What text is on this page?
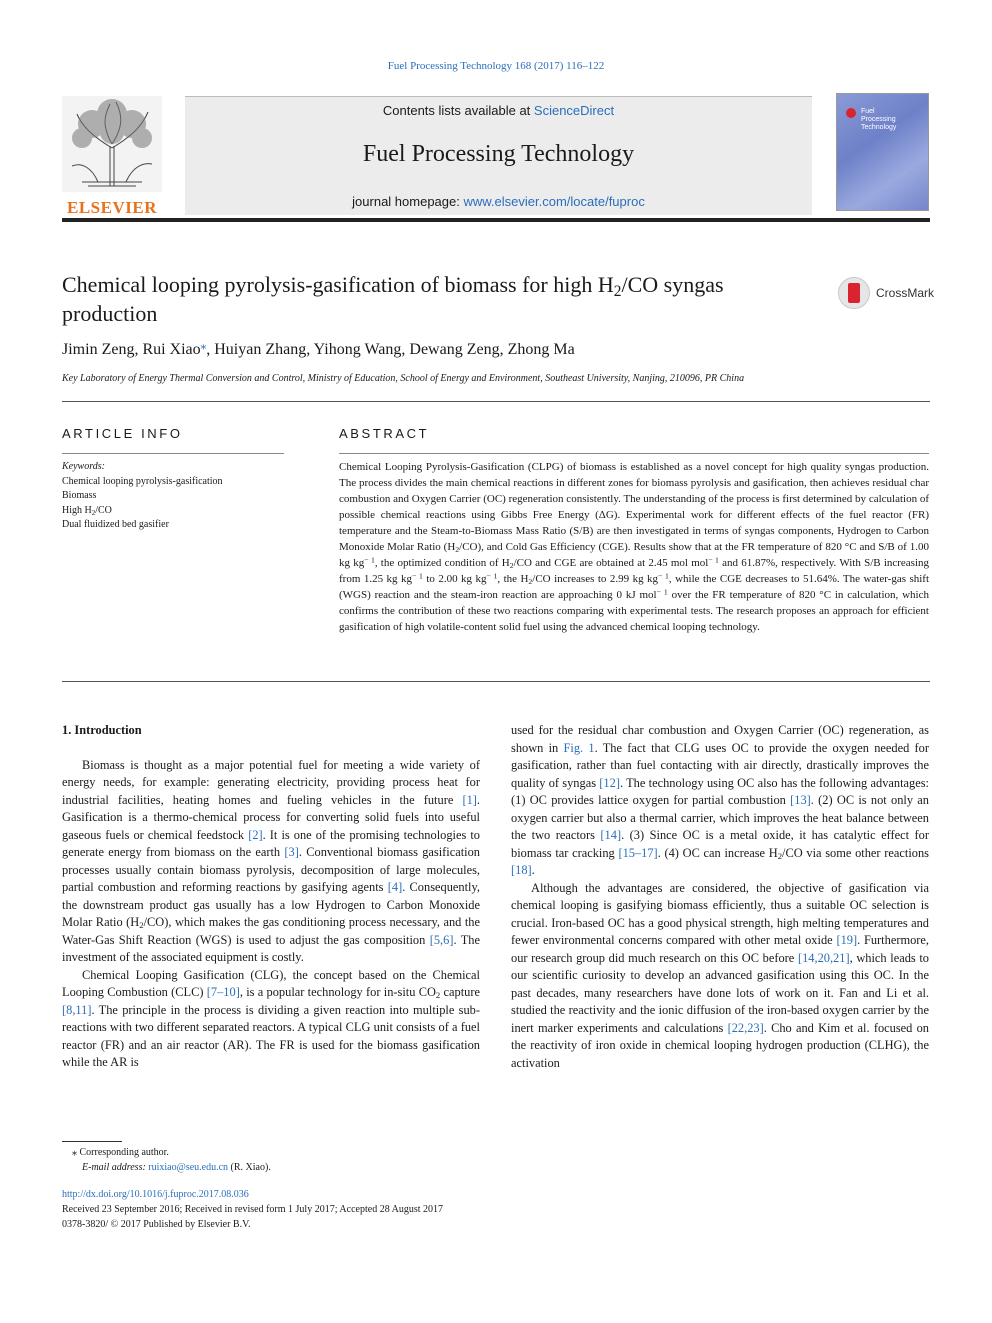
Fuel Processing Technology 168 (2017) 116–122
ELSEVIER
Contents lists available at ScienceDirect
Fuel Processing Technology
journal homepage: www.elsevier.com/locate/fuproc
Fuel
Processing
Technology
Chemical looping pyrolysis-gasification of biomass for high $H_2/CO$ syngas production
CrossMark
Jimin Zeng, Rui Xiao⁎, Huiyan Zhang, Yihong Wang, Dewang Zeng, Zhong Ma
Key Laboratory of Energy Thermal Conversion and Control, Ministry of Education, School of Energy and Environment, Southeast University, Nanjing, 210096, PR China
ARTICLE INFO
Keywords:
Chemical looping pyrolysis-gasification
Biomass
High $H_2/CO$
Dual fluidized bed gasifier
ABSTRACT
Chemical Looping Pyrolysis-Gasification (CLPG) of biomass is established as a novel concept for high quality syngas production. The process divides the main chemical reactions in different zones for biomass pyrolysis and gasification, then achieves residual char combustion and Oxygen Carrier (OC) regeneration consistently. The understanding of the process is first determined by calculation of possible chemical reactions using Gibbs Free Energy (ΔG). Experimental work for different effects of the fuel reactor (FR) temperature and the Steam-to-Biomass Mass Ratio (S/B) are then investigated in terms of syngas components, Hydrogen to Carbon Monoxide Molar Ratio $(H_2/CO)$, and Cold Gas Efficiency (CGE). Results show that at the FR temperature of 820 °C and S/B of 1.00 kg $kg^{- 1}$, the optimized condition of $H_2/CO$ and CGE are obtained at 2.45 mol mol$^{- 1}$ and 61.87%, respectively. With S/B increasing from 1.25 kg $kg^{- 1}$ to 2.00 kg $kg^{- 1}$, the $H_2/CO$ increases to 2.99 kg $kg^{- 1}$, while the CGE decreases to 51.64%. The water-gas shift (WGS) reaction and the steam-iron reaction are approaching 0 kJ mol$^{- 1}$ over the FR temperature of 820 °C in calculation, which confirms the contribution of these two reactions comparing with experimental tests. The research proposes an approach for efficient gasification of high volatile-content solid fuel using the advanced chemical looping technology.

1. Introduction

Biomass is thought as a major potential fuel for meeting a wide variety of energy needs, for example: generating electricity, providing process heat for industrial facilities, heating homes and fueling vehicles in the future [1]. Gasification is a thermo-chemical process for converting solid fuels into useful gaseous fuels or chemical feedstock [2]. It is one of the promising technologies to generate energy from biomass on the earth [3]. Conventional biomass gasification processes usually contain biomass pyrolysis, decomposition of large molecules, partial combustion and reforming reactions by gasifying agents [4]. Consequently, the downstream product gas usually has a low Hydrogen to Carbon Monoxide Molar Ratio $(H_2/CO)$, which makes the gas conditioning process necessary, and the Water-Gas Shift Reaction (WGS) is used to adjust the gas composition [5,6]. The investment of the associated equipment is costly.

Chemical Looping Gasification (CLG), the concept based on the Chemical Looping Combustion (CLC) [7–10], is a popular technology for in-situ $CO_2$ capture [8,11]. The principle in the process is dividing a given reaction into multiple sub-reactions with two different separated reactors. A typical CLG unit consists of a fuel reactor (FR) and an air reactor (AR). The FR is used for the biomass gasification while the AR is

used for the residual char combustion and Oxygen Carrier (OC) regeneration, as shown in Fig. 1. The fact that CLG uses OC to provide the oxygen needed for gasification, rather than fuel contacting with air directly, drastically improves the quality of syngas [12]. The technology using OC also has the following advantages: (1) OC provides lattice oxygen for partial combustion [13]. (2) OC is not only an oxygen carrier but also a thermal carrier, which improves the heat balance between the two reactors [14]. (3) Since OC is a metal oxide, it has catalytic effect for biomass tar cracking [15–17]. (4) OC can increase $H_2/CO$ via some other reactions [18].

Although the advantages are considered, the objective of gasification via chemical looping is gasifying biomass efficiently, thus a suitable OC selection is crucial. Iron-based OC has a good physical strength, high melting temperatures and fewer environmental concerns compared with other metal oxide [19]. Furthermore, our research group did much research on this OC before [14,20,21], which leads to our scientific curiosity to develop an advanced gasification using this OC. In the past decades, many researchers have done lots of work on it. Fan and Li et al. studied the reactivity and the ionic diffusion of the iron-based oxygen carrier by the inert marker experiments and calculations [22,23]. Cho and Kim et al. focused on the reactivity of iron oxide in chemical looping hydrogen production (CLHG), the activation

⁎ Corresponding author.
E-mail address: ruixiao@seu.edu.cn (R. Xiao).
http://dx.doi.org/10.1016/j.fuproc.2017.08.036
Received 23 September 2016; Received in revised form 1 July 2017; Accepted 28 August 2017
0378-3820/ © 2017 Published by Elsevier B.V.
